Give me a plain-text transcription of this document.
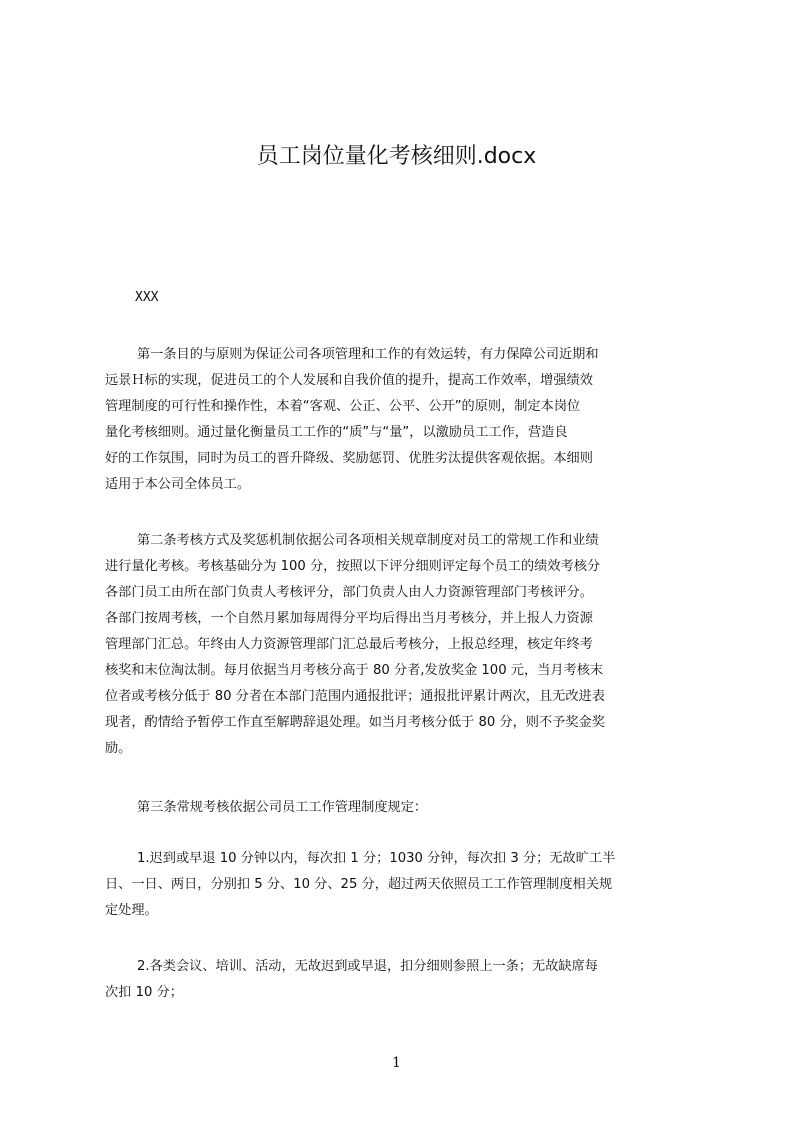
员工岗位量化考核细则.docx
XXX
第一条目的与原则为保证公司各项管理和工作的有效运转，有力保障公司近期和
远景Ｈ标的实现，促进员工的个人发展和自我价值的提升，提高工作效率，增强绩效
管理制度的可行性和操作性，本着“客观、公正、公平、公开”的原则，制定本岗位
量化考核细则。通过量化衡量员工工作的“质”与“量”，以激励员工工作，营造良
好的工作氛围，同时为员工的晋升降级、奖励惩罚、优胜劣汰提供客观依据。本细则
适用于本公司全体员工。
第二条考核方式及奖惩机制依据公司各项相关规章制度对员工的常规工作和业绩
进行量化考核。考核基础分为 100 分，按照以下评分细则评定每个员工的绩效考核分
各部门员工由所在部门负责人考核评分，部门负责人由人力资源管理部门考核评分。
各部门按周考核，一个自然月累加每周得分平均后得出当月考核分，并上报人力资源
管理部门汇总。年终由人力资源管理部门汇总最后考核分，上报总经理，核定年终考
核奖和末位淘汰制。每月依据当月考核分高于 80 分者,发放奖金 100 元，当月考核末
位者或考核分低于 80 分者在本部门范围内通报批评；通报批评累计两次，且无改进表
现者，酌情给予暂停工作直至解聘辞退处理。如当月考核分低于 80 分，则不予奖金奖
励。
第三条常规考核依据公司员工工作管理制度规定：
1.迟到或早退 10 分钟以内，每次扣 1 分；1030 分钟，每次扣 3 分；无故旷工半
日、一日、两日，分别扣 5 分、10 分、25 分，超过两天依照员工工作管理制度相关规
定处理。
2.各类会议、培训、活动，无故迟到或早退，扣分细则参照上一条；无故缺席每
次扣 10 分；
1
